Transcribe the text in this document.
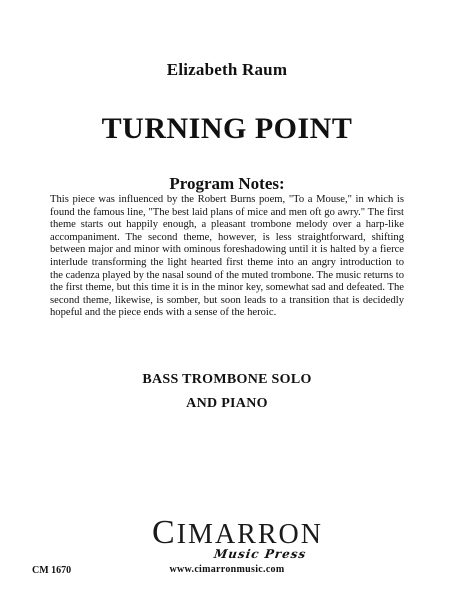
Elizabeth Raum
TURNING POINT
Program Notes:
This piece was influenced by the Robert Burns poem, "To a Mouse," in which is found the famous line, "The best laid plans of mice and men oft go awry." The first theme starts out happily enough, a pleasant trombone melody over a harp-like accompaniment. The second theme, however, is less straightforward, shifting between major and minor with ominous foreshadowing until it is halted by a fierce interlude transforming the light hearted first theme into an angry introduction to the cadenza played by the nasal sound of the muted trombone. The music returns to the first theme, but this time it is in the minor key, somewhat sad and defeated. The second theme, likewise, is somber, but soon leads to a transition that is decidedly hopeful and the piece ends with a sense of the heroic.
BASS TROMBONE SOLO
AND PIANO
CIMARRON
Music Press
www.cimarronmusic.com
CM 1670
